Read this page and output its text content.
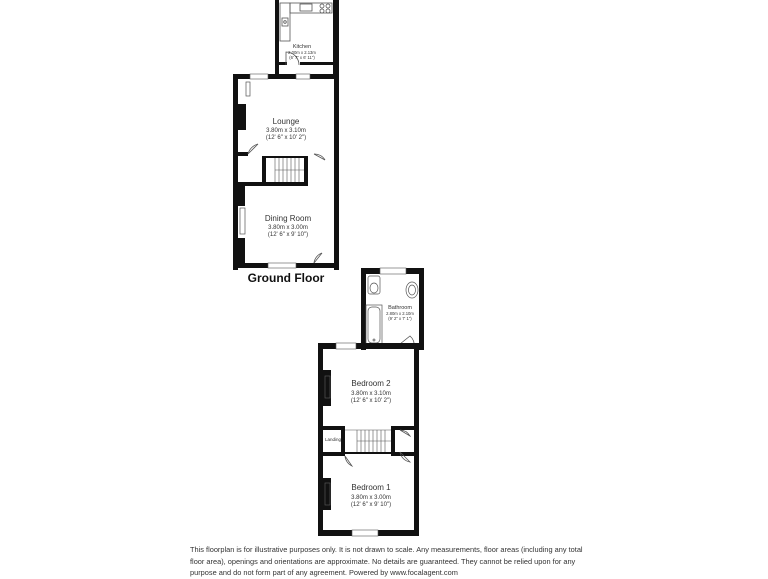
Kitchen
2.00m x 2.13m
(6' 7" x 6' 11")
Lounge
3.80m x 3.10m
(12' 6" x 10' 2")
Dining Room
3.80m x 3.00m
(12' 6" x 9' 10")
Ground Floor
Bathroom
2.80m x 2.10m
(9' 2" x 7' 1")
Bedroom 2
3.80m x 3.10m
(12' 6" x 10' 2")
Landing
Bedroom 1
3.80m x 3.00m
(12' 6" x 9' 10")
This floorplan is for illustrative purposes only. It is not drawn to scale. Any measurements, floor areas (including any total floor area), openings and orientations are approximate. No details are guaranteed. They cannot be relied upon for any purpose and do not form part of any agreement. Powered by www.focalagent.com
